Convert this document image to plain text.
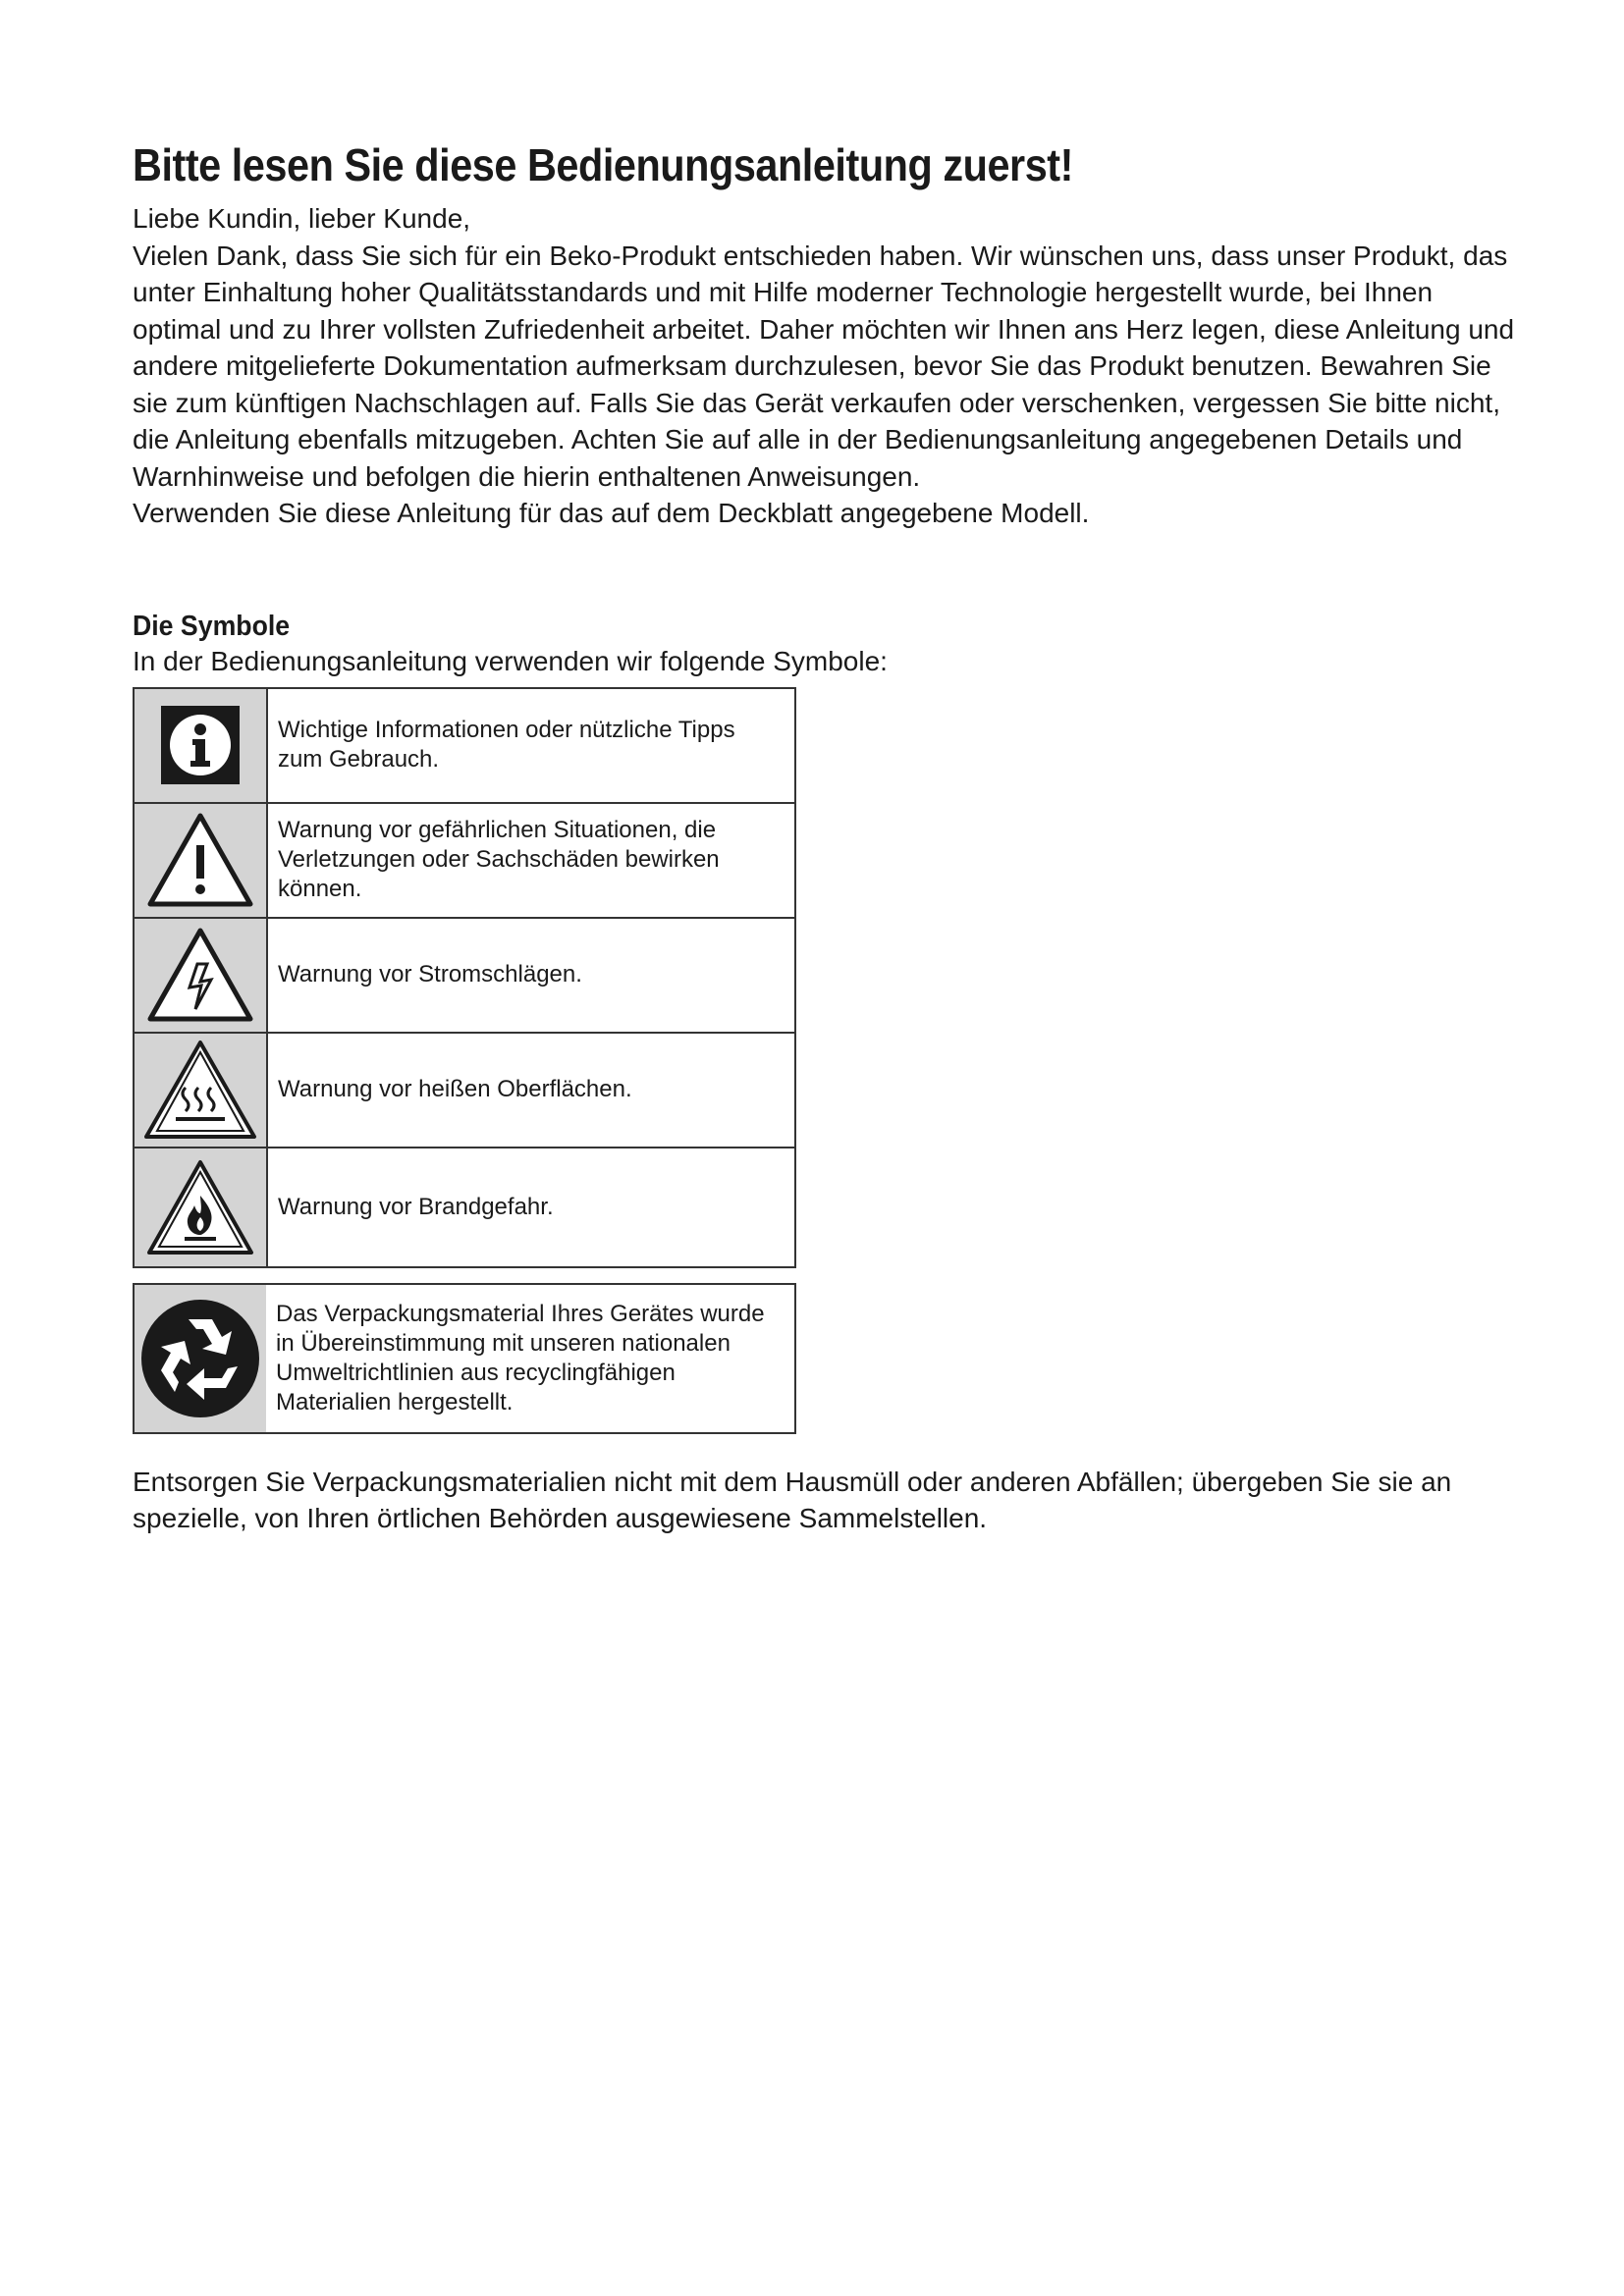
Bitte lesen Sie diese Bedienungsanleitung zuerst!

Liebe Kundin, lieber Kunde,

Vielen Dank, dass Sie sich für ein Beko-Produkt entschieden haben. Wir wünschen uns, dass unser Produkt, das unter Einhaltung hoher Qualitätsstandards und mit Hilfe moderner Technologie hergestellt wurde, bei Ihnen optimal und zu Ihrer vollsten Zufriedenheit arbeitet. Daher möchten wir Ihnen ans Herz legen, diese Anleitung und andere mitgelieferte Dokumentation aufmerksam durchzulesen, bevor Sie das Produkt benutzen. Bewahren Sie sie zum künftigen Nachschlagen auf. Falls Sie das Gerät verkaufen oder verschenken, vergessen Sie bitte nicht, die Anleitung ebenfalls mitzugeben. Achten Sie auf alle in der Bedienungsanleitung angegebenen Details und Warnhinweise und befolgen die hierin enthaltenen Anweisungen.

Verwenden Sie diese Anleitung für das auf dem Deckblatt angegebene Modell.

Die Symbole

In der Bedienungsanleitung verwenden wir folgende Symbole:

	Wichtige Informationen oder nützliche Tipps zum Gebrauch.

	Warnung vor gefährlichen Situationen, die Verletzungen oder Sachschäden bewirken können.

	Warnung vor Stromschlägen.

	Warnung vor heißen Oberflächen.

	Warnung vor Brandgefahr.
	Das Verpackungsmaterial Ihres Gerätes wurde in Übereinstimmung mit unseren nationalen Umweltrichtlinien aus recyclingfähigen Materialien hergestellt.
Entsorgen Sie Verpackungsmaterialien nicht mit dem Hausmüll oder anderen Abfällen; übergeben Sie sie an spezielle, von Ihren örtlichen Behörden ausgewiesene Sammelstellen.
